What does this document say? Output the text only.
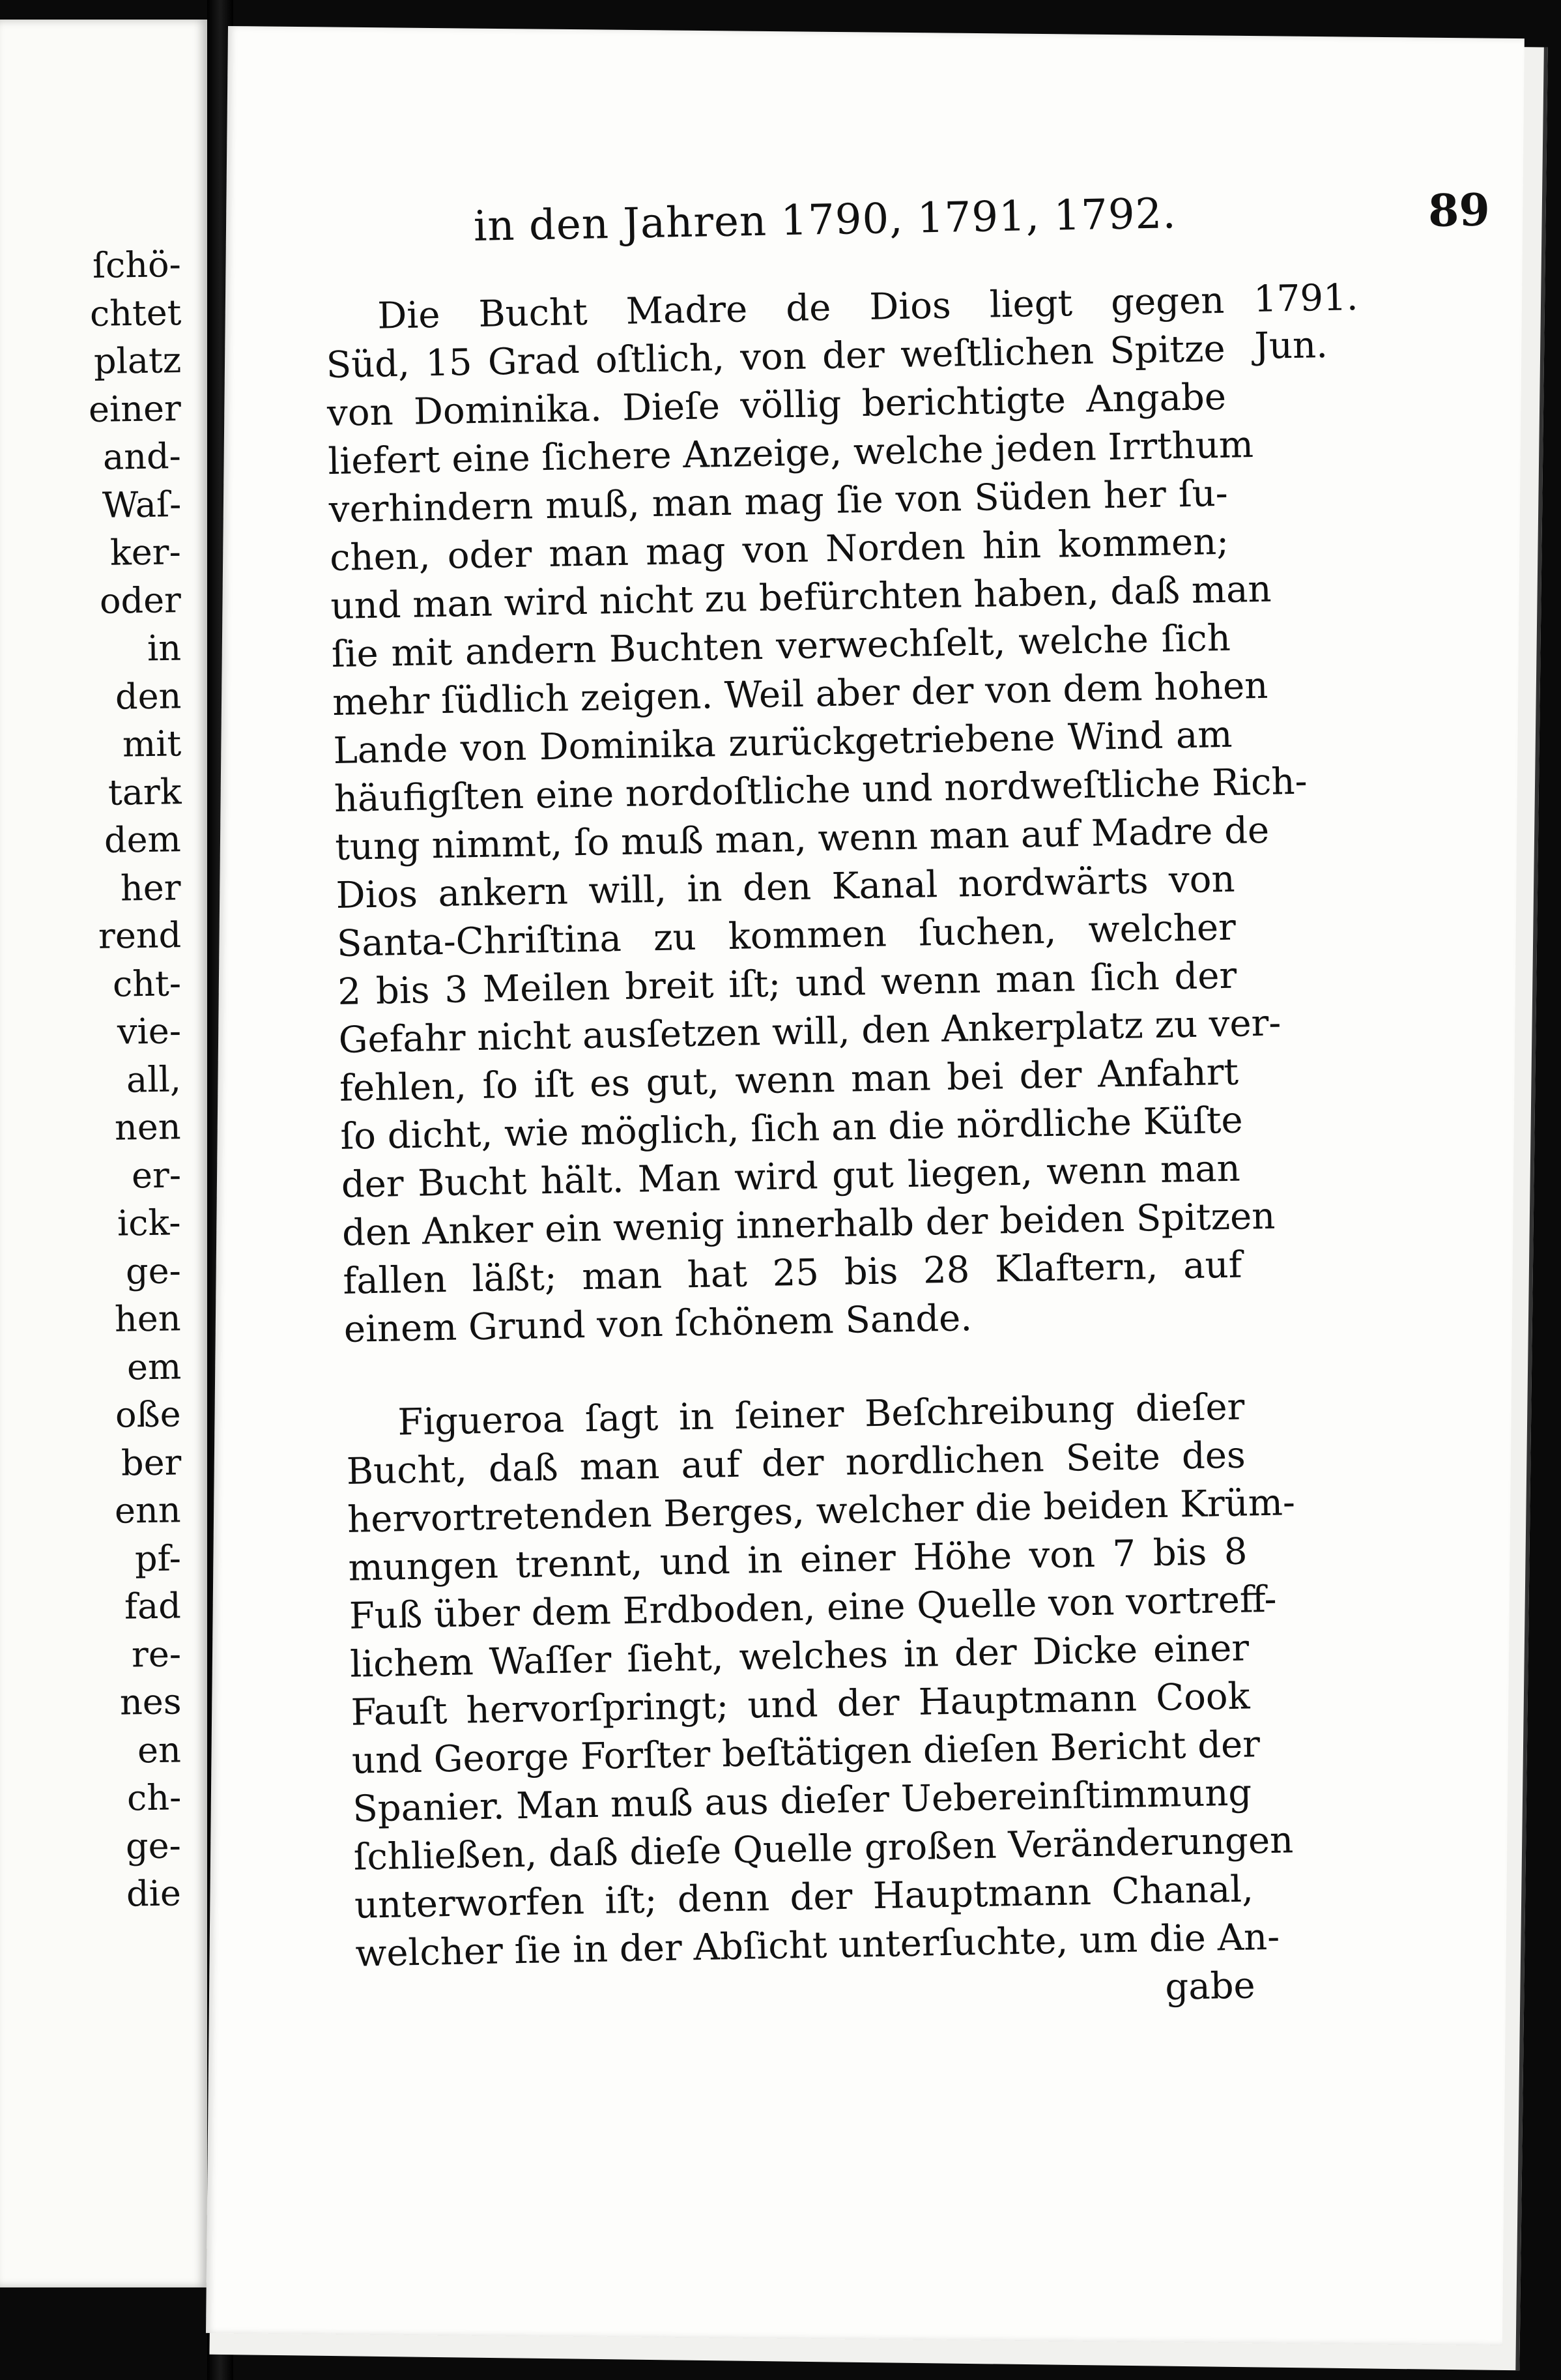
ſchö-
chtet
platz
einer
and-
Waſ-
ker-
oder
in
den
mit
tark
dem
her
rend
cht-
vie-
all,
nen
er-
ick-
ge-
hen
em
oße
ber
enn
pf-
fad
re-
nes
en
ch-
ge-
die
in den Jahren 1790, 1791, 1792.	89
1791.
Jun.
Die Bucht Madre de Dios liegt gegen
Süd, 15 Grad oſtlich, von der weſtlichen Spitze
von Dominika. Dieſe völlig berichtigte Angabe
liefert eine ſichere Anzeige, welche jeden Irrthum
verhindern muß, man mag ſie von Süden her ſu-
chen, oder man mag von Norden hin kommen;
und man wird nicht zu befürchten haben, daß man
ſie mit andern Buchten verwechſelt, welche ſich
mehr ſüdlich zeigen. Weil aber der von dem hohen
Lande von Dominika zurückgetriebene Wind am
häufigſten eine nordoſtliche und nordweſtliche Rich-
tung nimmt, ſo muß man, wenn man auf Madre de
Dios ankern will, in den Kanal nordwärts von
Santa-Chriſtina zu kommen ſuchen, welcher
2 bis 3 Meilen breit iſt; und wenn man ſich der
Gefahr nicht ausſetzen will, den Ankerplatz zu ver-
fehlen, ſo iſt es gut, wenn man bei der Anfahrt
ſo dicht, wie möglich, ſich an die nördliche Küſte
der Bucht hält. Man wird gut liegen, wenn man
den Anker ein wenig innerhalb der beiden Spitzen
fallen läßt; man hat 25 bis 28 Klaftern, auf
einem Grund von ſchönem Sande.
Figueroa ſagt in ſeiner Beſchreibung dieſer
Bucht, daß man auf der nordlichen Seite des
hervortretenden Berges, welcher die beiden Krüm-
mungen trennt, und in einer Höhe von 7 bis 8
Fuß über dem Erdboden, eine Quelle von vortreff-
lichem Waſſer ſieht, welches in der Dicke einer
Fauſt hervorſpringt; und der Hauptmann Cook
und George Forſter beſtätigen dieſen Bericht der
Spanier. Man muß aus dieſer Uebereinſtimmung
ſchließen, daß dieſe Quelle großen Veränderungen
unterworfen iſt; denn der Hauptmann Chanal,
welcher ſie in der Abſicht unterſuchte, um die An-
gabe
